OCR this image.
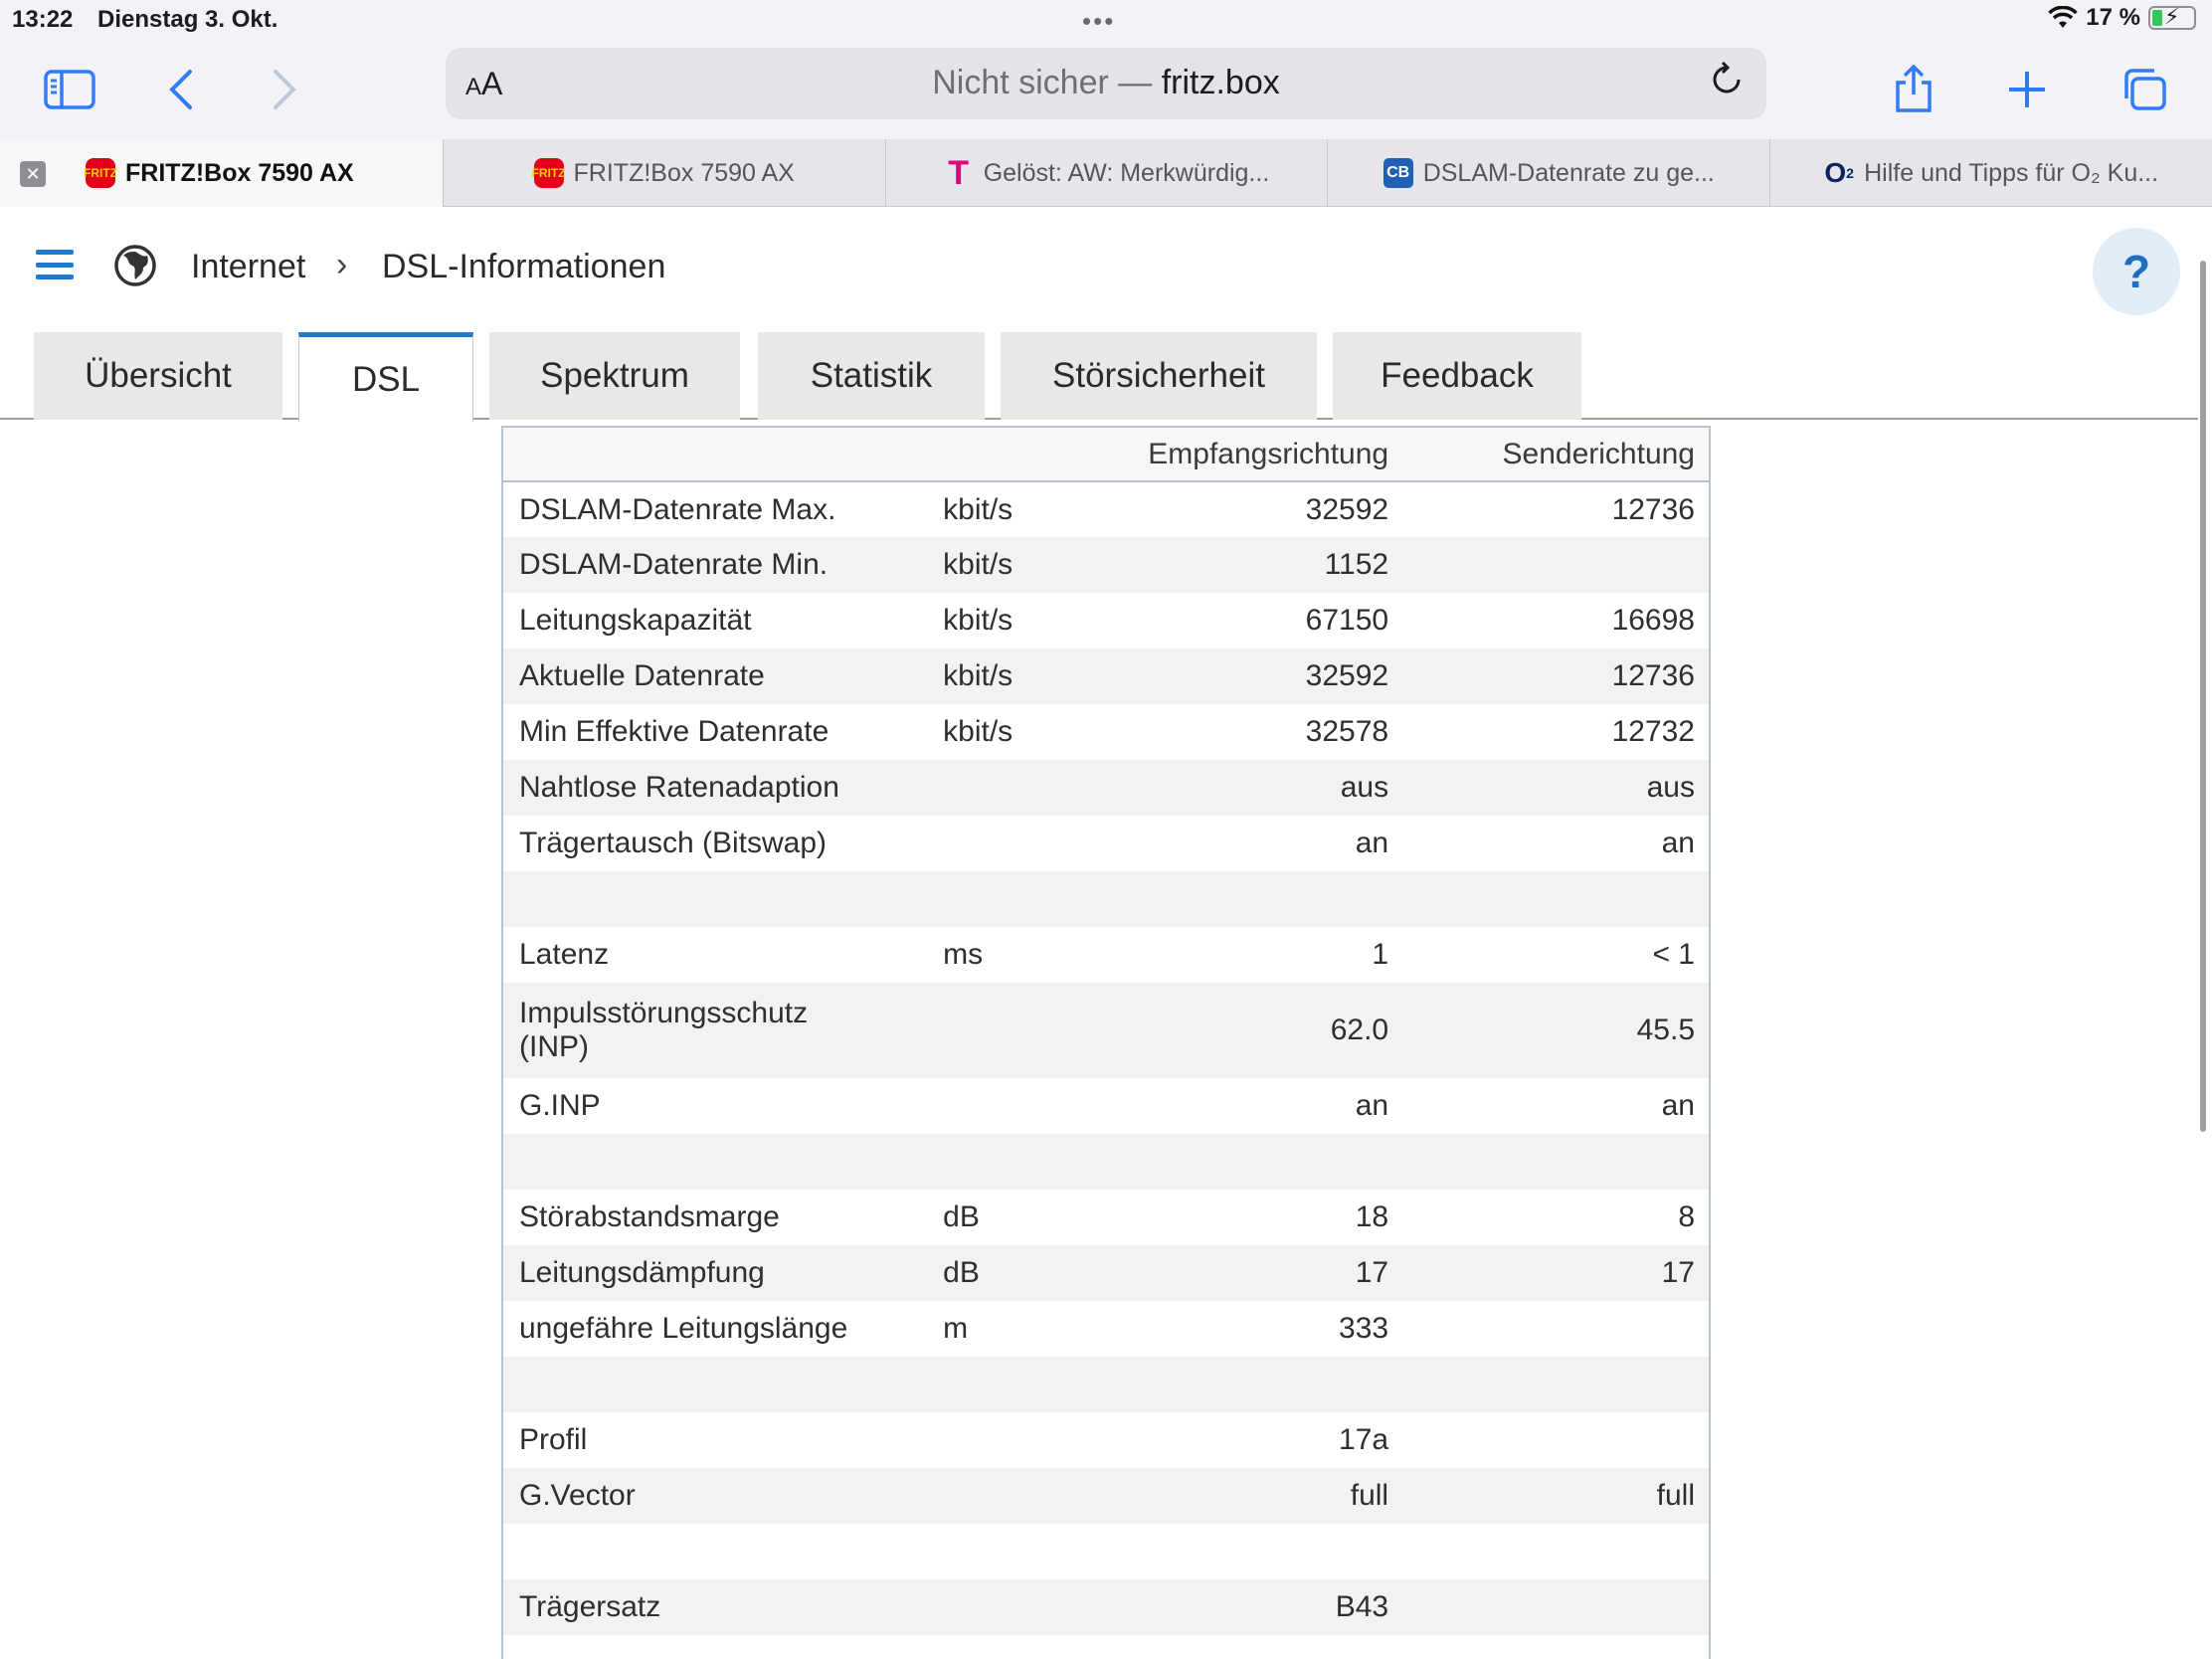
13:22 Dienstag 3. Okt.	•••	17 % ⚡
AA	Nicht sicher — fritz.box
✕	FRITZ FRITZ!Box 7590 AX	FRITZ FRITZ!Box 7590 AX	T Gelöst: AW: Merkwürdig...	CB DSLAM-Datenrate zu ge...	O 2 Hilfe und Tipps für O₂ Ku...
Internet › DSL-Informationen	?
Übersicht	DSL	Spektrum	Statistik	Störsicherheit	Feedback
		Empfangsrichtung	Senderichtung
DSLAM-Datenrate Max.	kbit/s	32592	12736
DSLAM-Datenrate Min.	kbit/s	1152	
Leitungskapazität	kbit/s	67150	16698
Aktuelle Datenrate	kbit/s	32592	12736
Min Effektive Datenrate	kbit/s	32578	12732
Nahtlose Ratenadaption		aus	aus
Trägertausch (Bitswap)		an	an

Latenz	ms	1	< 1
Impulsstörungsschutz (INP)		62.0	45.5
G.INP		an	an

Störabstandsmarge	dB	18	8
Leitungsdämpfung	dB	17	17
ungefähre Leitungslänge	m	333	

Profil		17a	
G.Vector		full	full

Trägersatz		B43	
